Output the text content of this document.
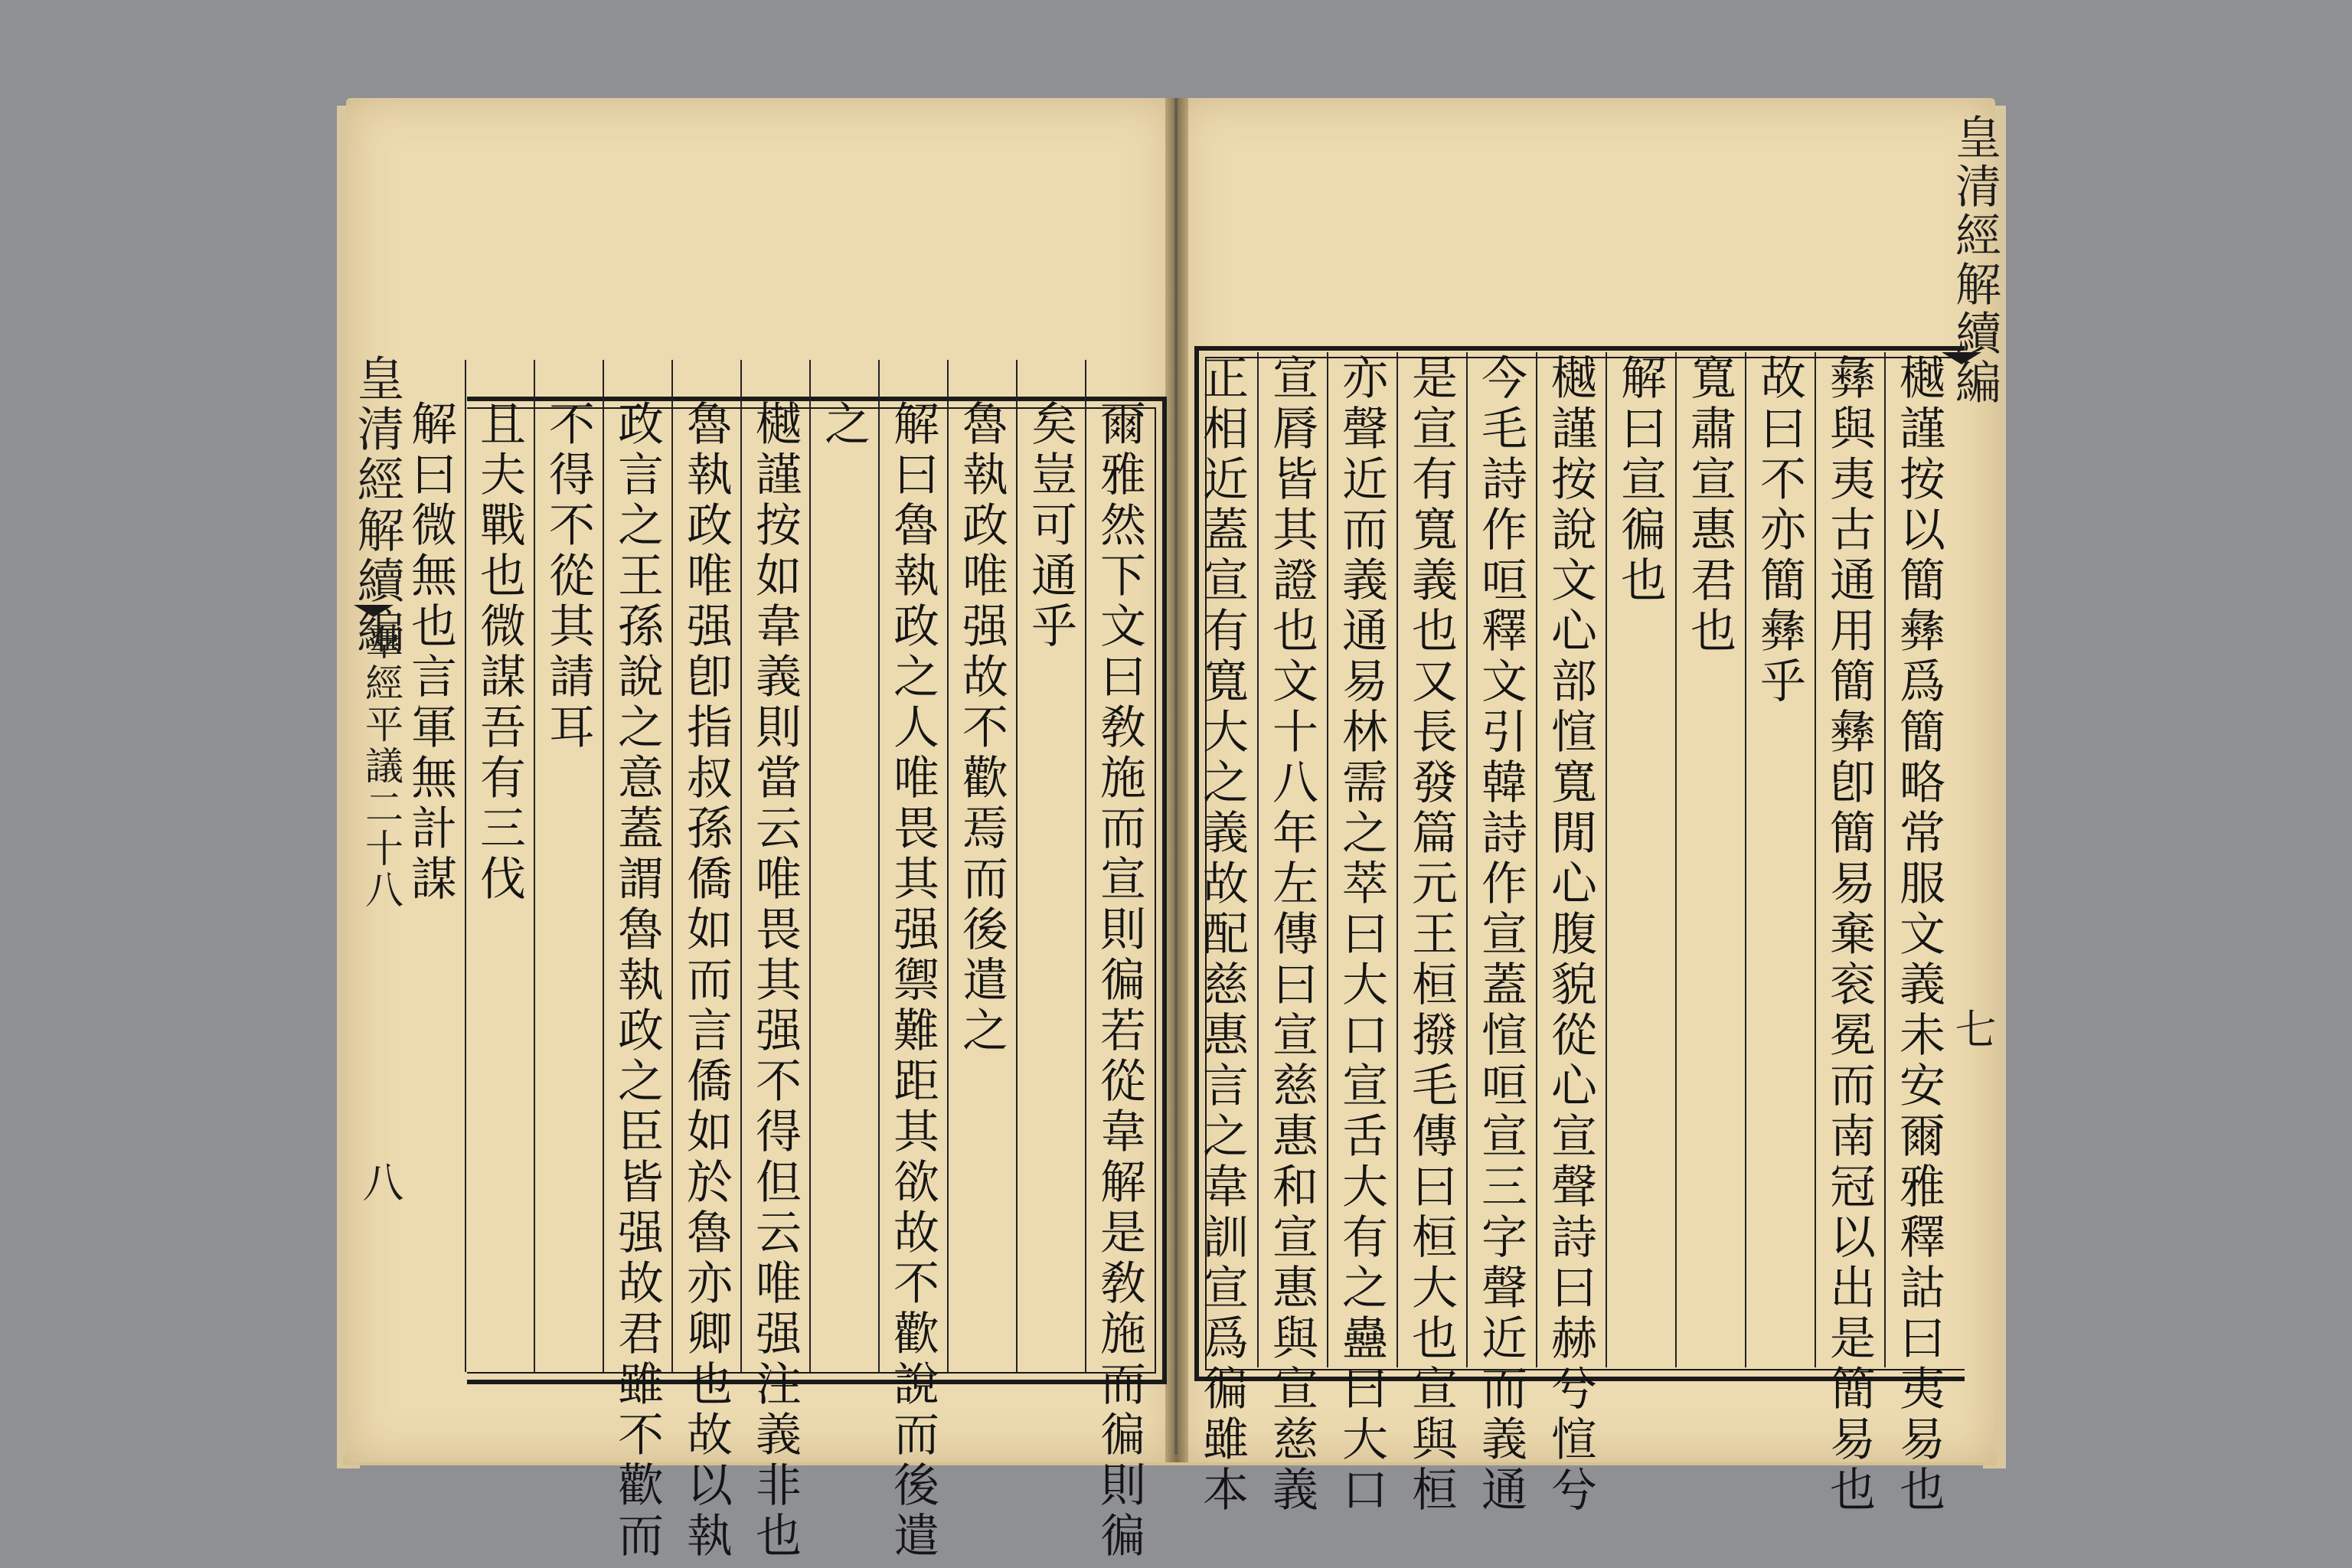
皇清經解續編
羣經平議二十八
八	爾雅然下文曰敎施而宣則徧若從韋解是敎施而徧則徧
矣豈可通乎
魯執政唯强故不歡焉而後遣之
解曰魯執政之人唯畏其强禦難距其欲故不歡說而後遣
之
樾謹按如韋義則當云唯畏其强不得但云唯强注義非也
魯執政唯强卽指叔孫僑如而言僑如於魯亦卿也故以執
政言之王孫說之意蓋謂魯執政之臣皆强故君雖不歡而
不得不從其請耳
且夫戰也微謀吾有三伐
解曰微無也言軍無計謀
皇清經解續編
七
樾謹按以簡彝爲簡略常服文義未安爾雅釋詁曰夷易也
彝與夷古通用簡彝卽簡易棄衮冕而南冠以出是簡易也
故曰不亦簡彝乎
寬肅宣惠君也
解曰宣徧也
樾謹按說文心部愃寬閒心腹貌從心宣聲詩曰赫兮愃兮
今毛詩作咺釋文引韓詩作宣蓋愃咺宣三字聲近而義通
是宣有寬義也又長發篇元王桓撥毛傳曰桓大也宣與桓
亦聲近而義通易林需之萃曰大口宣舌大有之蠱曰大口
宣脣皆其證也文十八年左傳曰宣慈惠和宣惠與宣慈義
正相近蓋宣有寬大之義故配慈惠言之韋訓宣爲徧雖本
